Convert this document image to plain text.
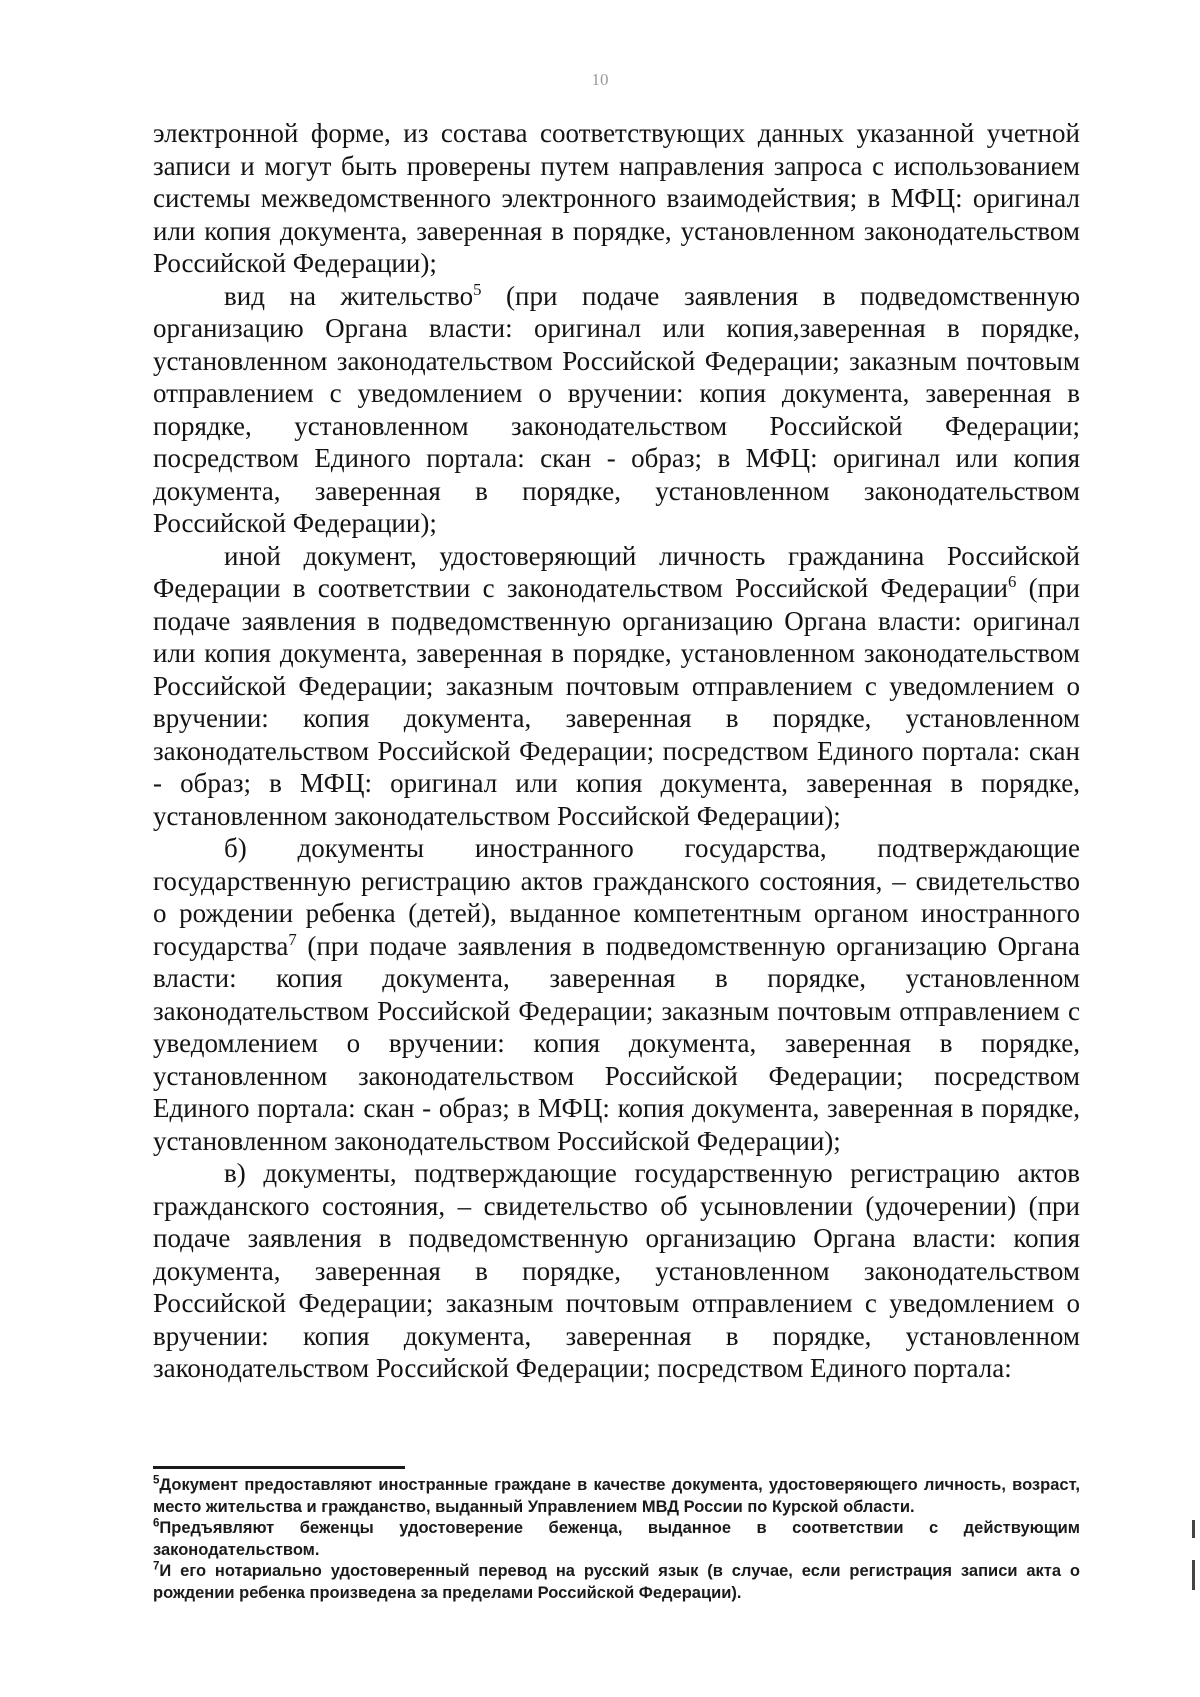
10

электронной форме, из состава соответствующих данных указанной учетной записи и могут быть проверены путем направления запроса с использованием системы межведомственного электронного взаимодействия; в МФЦ: оригинал или копия документа, заверенная в порядке, установленном законодательством Российской Федерации);

вид на жительство$^5$ (при подаче заявления в подведомственную организацию Органа власти: оригинал или копия,заверенная в порядке, установленном законодательством Российской Федерации; заказным почтовым отправлением с уведомлением о вручении: копия документа, заверенная в порядке, установленном законодательством Российской Федерации; посредством Единого портала: скан - образ; в МФЦ: оригинал или копия документа, заверенная в порядке, установленном законодательством Российской Федерации);

иной документ, удостоверяющий личность гражданина Российской Федерации в соответствии с законодательством Российской Федерации$^6$ (при подаче заявления в подведомственную организацию Органа власти: оригинал или копия документа, заверенная в порядке, установленном законодательством Российской Федерации; заказным почтовым отправлением с уведомлением о вручении: копия документа, заверенная в порядке, установленном законодательством Российской Федерации; посредством Единого портала: скан - образ; в МФЦ: оригинал или копия документа, заверенная в порядке, установленном законодательством Российской Федерации);

б) документы иностранного государства, подтверждающие государственную регистрацию актов гражданского состояния, – свидетельство о рождении ребенка (детей), выданное компетентным органом иностранного государства$^7$ (при подаче заявления в подведомственную организацию Органа власти: копия документа, заверенная в порядке, установленном законодательством Российской Федерации; заказным почтовым отправлением с уведомлением о вручении: копия документа, заверенная в порядке, установленном законодательством Российской Федерации; посредством Единого портала: скан - образ; в МФЦ: копия документа, заверенная в порядке, установленном законодательством Российской Федерации);

в) документы, подтверждающие государственную регистрацию актов гражданского состояния, – свидетельство об усыновлении (удочерении) (при подаче заявления в подведомственную организацию Органа власти: копия документа, заверенная в порядке, установленном законодательством Российской Федерации; заказным почтовым отправлением с уведомлением о вручении: копия документа, заверенная в порядке, установленном законодательством Российской Федерации; посредством Единого портала:

$^5$Документ предоставляют иностранные граждане в качестве документа, удостоверяющего личность, возраст, место жительства и гражданство, выданный Управлением МВД России по Курской области.

$^6$Предъявляют беженцы удостоверение беженца, выданное в соответствии с действующим законодательством.

$^7$И его нотариально удостоверенный перевод на русский язык (в случае, если регистрация записи акта о рождении ребенка произведена за пределами Российской Федерации).
